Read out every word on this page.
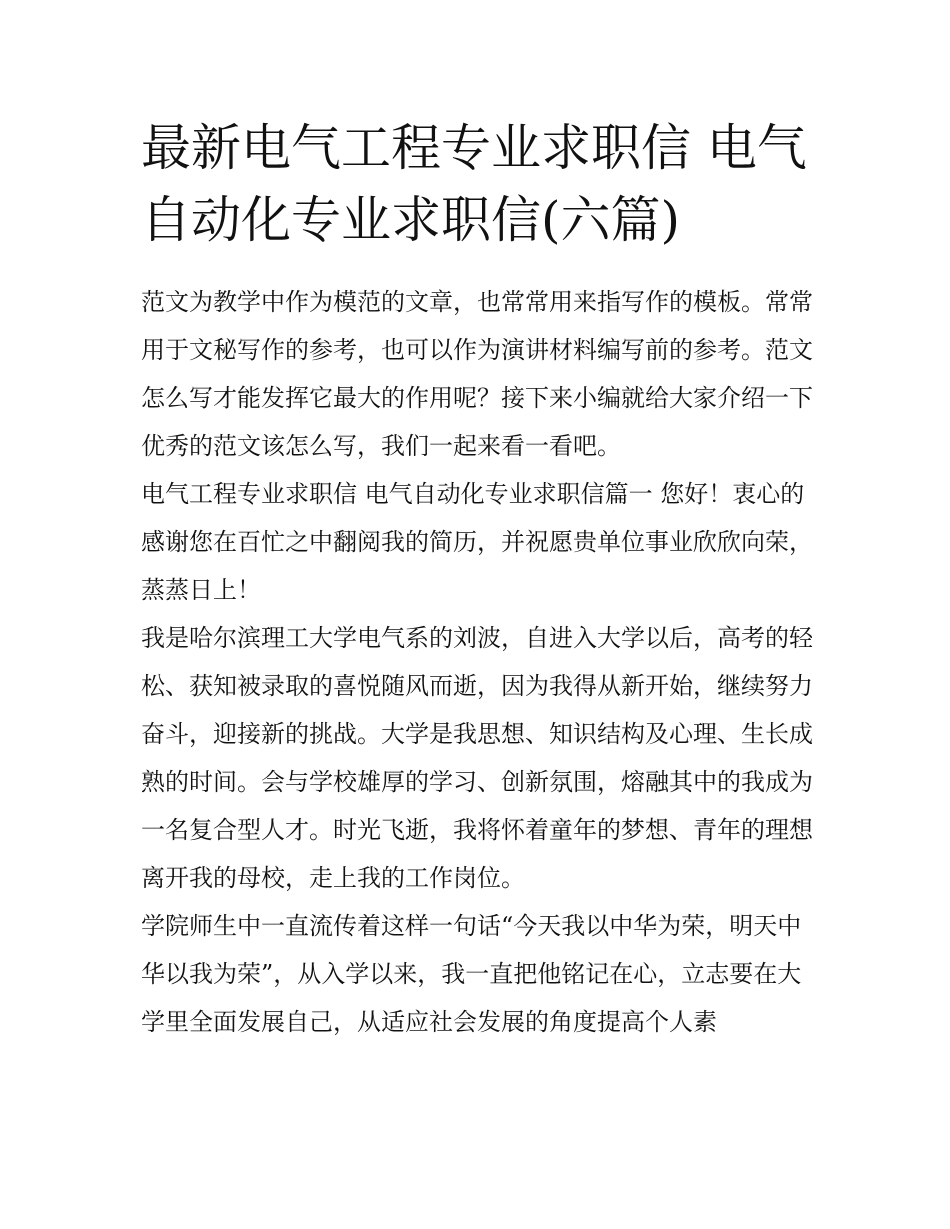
最新电气工程专业求职信 电气自动化专业求职信(六篇)

范文为教学中作为模范的文章，也常常用来指写作的模板。常常用于文秘写作的参考，也可以作为演讲材料编写前的参考。范文怎么写才能发挥它最大的作用呢？接下来小编就给大家介绍一下优秀的范文该怎么写，我们一起来看一看吧。

电气工程专业求职信 电气自动化专业求职信篇一 您好！衷心的感谢您在百忙之中翻阅我的简历，并祝愿贵单位事业欣欣向荣，蒸蒸日上！

我是哈尔滨理工大学电气系的刘波，自进入大学以后，高考的轻松、获知被录取的喜悦随风而逝，因为我得从新开始，继续努力奋斗，迎接新的挑战。大学是我思想、知识结构及心理、生长成熟的时间。会与学校雄厚的学习、创新氛围，熔融其中的我成为一名复合型人才。时光飞逝，我将怀着童年的梦想、青年的理想离开我的母校，走上我的工作岗位。

学院师生中一直流传着这样一句话“今天我以中华为荣，明天中华以我为荣”，从入学以来，我一直把他铭记在心，立志要在大学里全面发展自己，从适应社会发展的角度提高个人素
